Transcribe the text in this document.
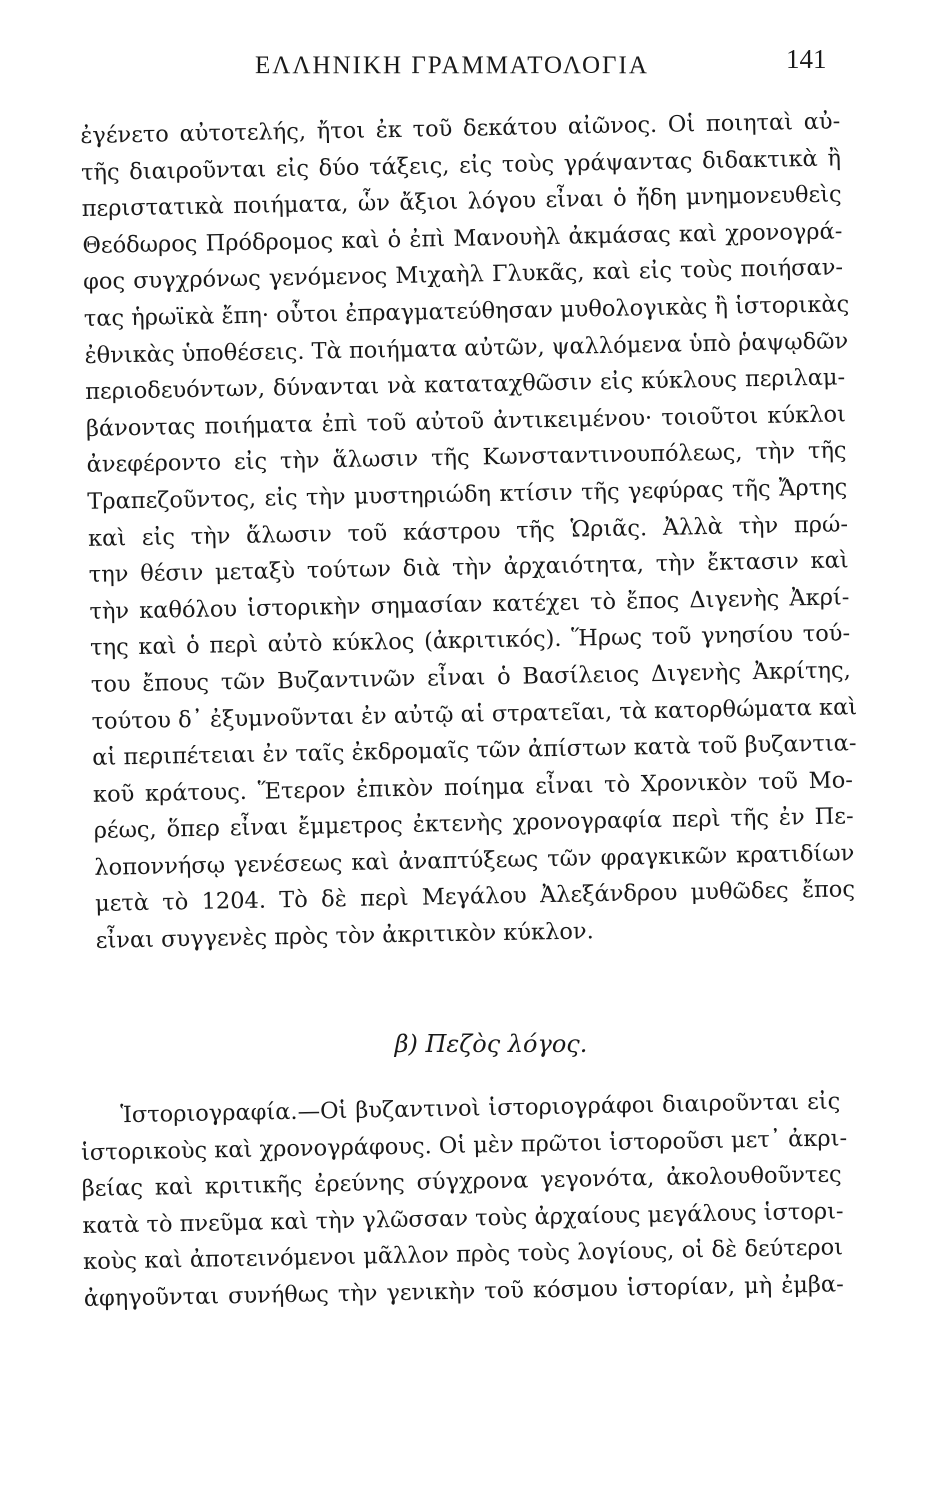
ΕΛΛΗΝΙΚΗ ΓΡΑΜΜΑΤΟΛΟΓΙΑ	141
ἐγένετο αὐτοτελής, ἤτοι ἐκ τοῦ δεκάτου αἰῶνος. Οἱ ποιηταὶ αὐ-
τῆς διαιροῦνται εἰς δύο τάξεις, εἰς τοὺς γράψαντας διδακτικὰ ἢ
περιστατικὰ ποιήματα, ὧν ἄξιοι λόγου εἶναι ὁ ἤδη μνημονευθεὶς
Θεόδωρος Πρόδρομος καὶ ὁ ἐπὶ Μανουὴλ ἀκμάσας καὶ χρονογρά-
φος συγχρόνως γενόμενος Μιχαὴλ Γλυκᾶς, καὶ εἰς τοὺς ποιήσαν-
τας ἡρωϊκὰ ἔπη· οὗτοι ἐπραγματεύθησαν μυθολογικὰς ἢ ἱστορικὰς
ἐθνικὰς ὑποθέσεις. Τὰ ποιήματα αὐτῶν, ψαλλόμενα ὑπὸ ῥαψῳδῶν
περιοδευόντων, δύνανται νὰ καταταχθῶσιν εἰς κύκλους περιλαμ-
βάνοντας ποιήματα ἐπὶ τοῦ αὐτοῦ ἀντικειμένου· τοιοῦτοι κύκλοι
ἀνεφέροντο εἰς τὴν ἅλωσιν τῆς Κωνσταντινουπόλεως, τὴν τῆς
Τραπεζοῦντος, εἰς τὴν μυστηριώδη κτίσιν τῆς γεφύρας τῆς Ἄρτης
καὶ εἰς τὴν ἅλωσιν τοῦ κάστρου τῆς Ὡριᾶς. Ἀλλὰ τὴν πρώ-
την θέσιν μεταξὺ τούτων διὰ τὴν ἀρχαιότητα, τὴν ἔκτασιν καὶ
τὴν καθόλου ἱστορικὴν σημασίαν κατέχει τὸ ἔπος Διγενὴς Ἀκρί-
της καὶ ὁ περὶ αὐτὸ κύκλος (ἀκριτικός). Ἥρως τοῦ γνησίου τού-
του ἔπους τῶν Βυζαντινῶν εἶναι ὁ Βασίλειος Διγενὴς Ἀκρίτης,
τούτου δ᾽ ἐξυμνοῦνται ἐν αὐτῷ αἱ στρατεῖαι, τὰ κατορθώματα καὶ
αἱ περιπέτειαι ἐν ταῖς ἐκδρομαῖς τῶν ἀπίστων κατὰ τοῦ βυζαντια-
κοῦ κράτους. Ἕτερον ἐπικὸν ποίημα εἶναι τὸ Χρονικὸν τοῦ Μο-
ρέως, ὅπερ εἶναι ἔμμετρος ἐκτενὴς χρονογραφία περὶ τῆς ἐν Πε-
λοποννήσῳ γενέσεως καὶ ἀναπτύξεως τῶν φραγκικῶν κρατιδίων
μετὰ τὸ 1204. Τὸ δὲ περὶ Μεγάλου Ἀλεξάνδρου μυθῶδες ἔπος
εἶναι συγγενὲς πρὸς τὸν ἀκριτικὸν κύκλον.
β) Πεζὸς λόγος.
Ἱστοριογραφία.—Οἱ βυζαντινοὶ ἱστοριογράφοι διαιροῦνται εἰς
ἱστορικοὺς καὶ χρονογράφους. Οἱ μὲν πρῶτοι ἱστοροῦσι μετ᾽ ἀκρι-
βείας καὶ κριτικῆς ἐρεύνης σύγχρονα γεγονότα, ἀκολουθοῦντες
κατὰ τὸ πνεῦμα καὶ τὴν γλῶσσαν τοὺς ἀρχαίους μεγάλους ἱστορι-
κοὺς καὶ ἀποτεινόμενοι μᾶλλον πρὸς τοὺς λογίους, οἱ δὲ δεύτεροι
ἀφηγοῦνται συνήθως τὴν γενικὴν τοῦ κόσμου ἱστορίαν, μὴ ἐμβα-
